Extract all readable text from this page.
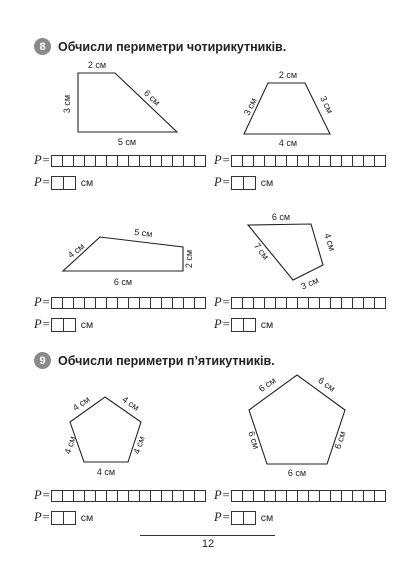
8 Обчисли периметри чотирикутників.
2 см
6 см
5 см
3 см
2 см
3 см	3 см
4 см
5 см
4 см
6 см
2 см
6 см
7 см	4 см
3 см
4 см	4 см
4 см	4 см
4 см
6 см	6 см
6 см	6 см
6 см
P =
P =	см
P =
P =	см
P =
P =	см
P =
P =	см
9 Обчисли периметри п’ятикутників.
P =
P =	см
P =
P =	см
12
